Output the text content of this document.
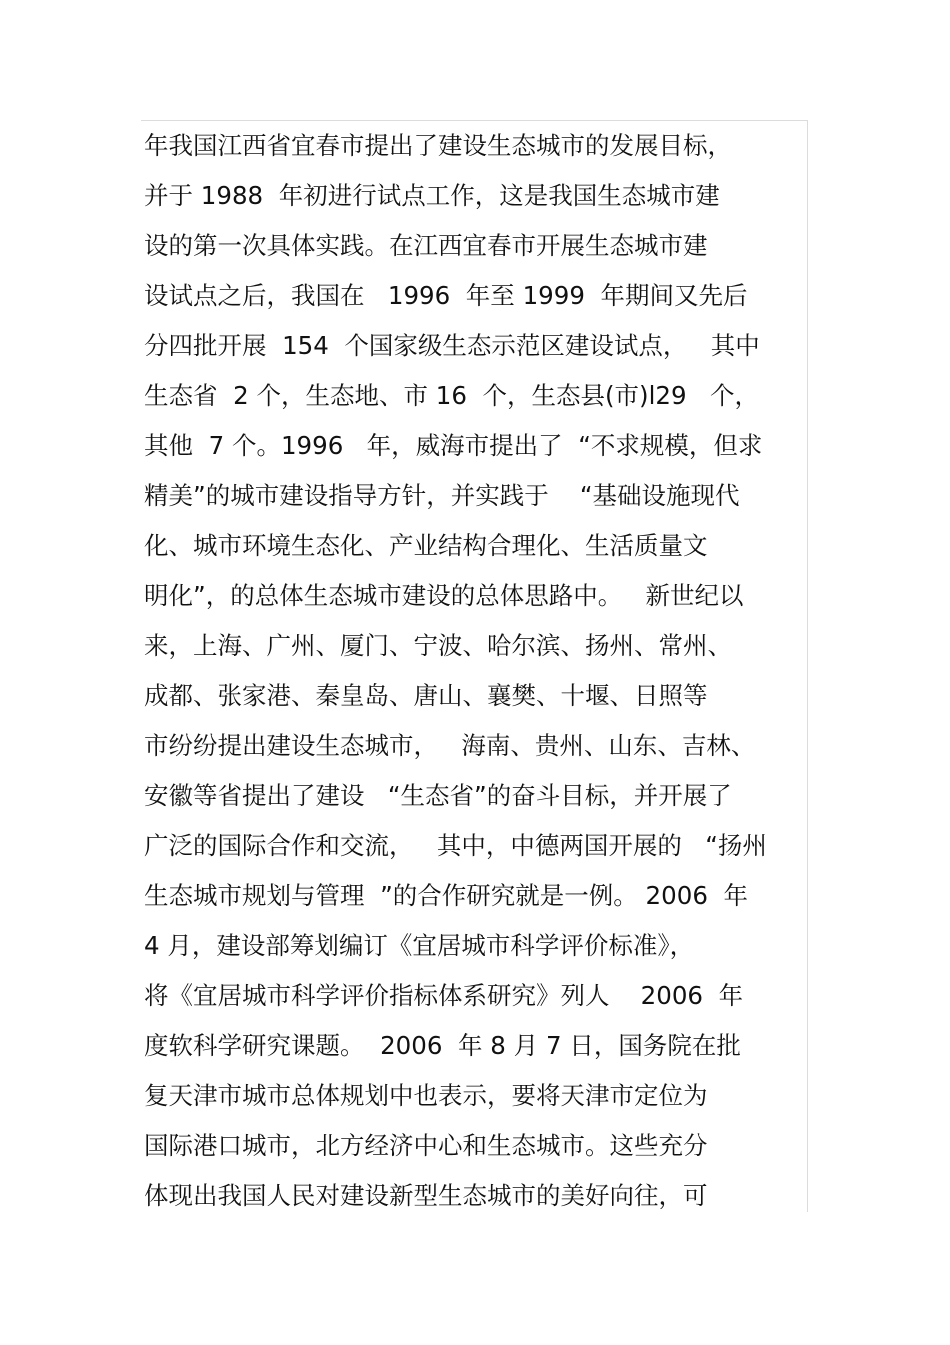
年我国江西省宜春市提出了建设生态城市的发展目标，
并于 1988  年初进行试点工作，这是我国生态城市建
设的第一次具体实践。在江西宜春市开展生态城市建
设试点之后，我国在   1996  年至 1999  年期间又先后
分四批开展  154  个国家级生态示范区建设试点，   其中
生态省  2 个，生态地、市 16  个，生态县(市)l29   个，
其他  7 个。1996   年，威海市提出了  “不求规模，但求
精美”的城市建设指导方针，并实践于    “基础设施现代
化、城市环境生态化、产业结构合理化、生活质量文
明化”，的总体生态城市建设的总体思路中。   新世纪以
来，上海、广州、厦门、宁波、哈尔滨、扬州、常州、
成都、张家港、秦皇岛、唐山、襄樊、十堰、日照等
市纷纷提出建设生态城市，   海南、贵州、山东、吉林、
安徽等省提出了建设   “生态省”的奋斗目标，并开展了
广泛的国际合作和交流，   其中，中德两国开展的   “扬州
生态城市规划与管理  ”的合作研究就是一例。 2006  年
4 月，建设部筹划编订《宜居城市科学评价标准》，
将《宜居城市科学评价指标体系研究》列人    2006  年
度软科学研究课题。  2006  年 8 月 7 日，国务院在批
复天津市城市总体规划中也表示，要将天津市定位为
国际港口城市，北方经济中心和生态城市。这些充分
体现出我国人民对建设新型生态城市的美好向往，可
